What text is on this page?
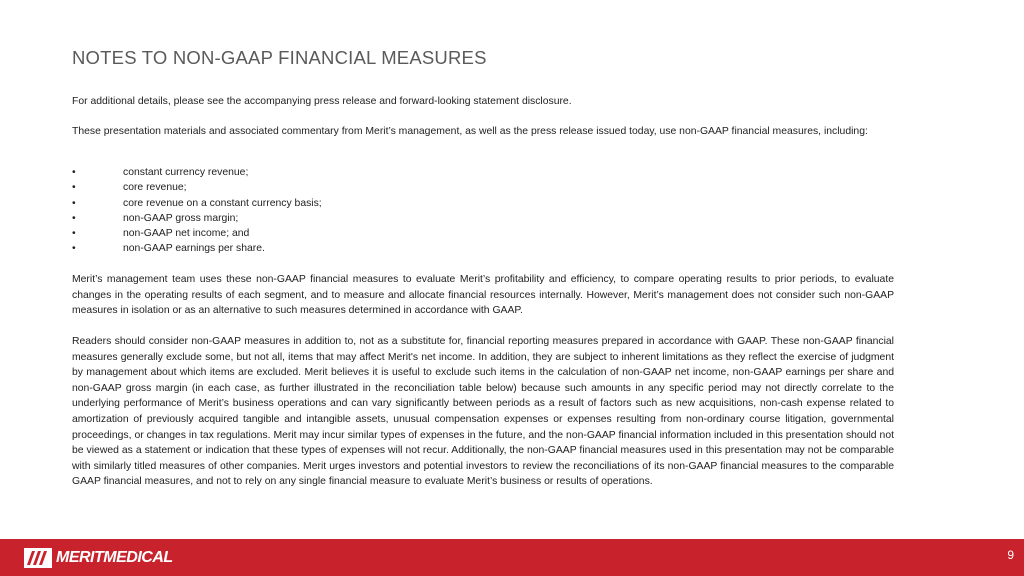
NOTES TO NON-GAAP FINANCIAL MEASURES

For additional details, please see the accompanying press release and forward-looking statement disclosure.

These presentation materials and associated commentary from Merit’s management, as well as the press release issued today, use non-GAAP financial measures, including:

•	constant currency revenue;
•	core revenue;
•	core revenue on a constant currency basis;
•	non-GAAP gross margin;
•	non-GAAP net income; and
•	non-GAAP earnings per share.

Merit’s management team uses these non-GAAP financial measures to evaluate Merit’s profitability and efficiency, to compare operating results to prior periods, to evaluate changes in the operating results of each segment, and to measure and allocate financial resources internally. However, Merit’s management does not consider such non-GAAP measures in isolation or as an alternative to such measures determined in accordance with GAAP.

Readers should consider non-GAAP measures in addition to, not as a substitute for, financial reporting measures prepared in accordance with GAAP. These non-GAAP financial measures generally exclude some, but not all, items that may affect Merit's net income. In addition, they are subject to inherent limitations as they reflect the exercise of judgment by management about which items are excluded. Merit believes it is useful to exclude such items in the calculation of non-GAAP net income, non-GAAP earnings per share and non-GAAP gross margin (in each case, as further illustrated in the reconciliation table below) because such amounts in any specific period may not directly correlate to the underlying performance of Merit’s business operations and can vary significantly between periods as a result of factors such as new acquisitions, non-cash expense related to amortization of previously acquired tangible and intangible assets, unusual compensation expenses or expenses resulting from non-ordinary course litigation, governmental proceedings, or changes in tax regulations. Merit may incur similar types of expenses in the future, and the non-GAAP financial information included in this presentation should not be viewed as a statement or indication that these types of expenses will not recur. Additionally, the non-GAAP financial measures used in this presentation may not be comparable with similarly titled measures of other companies. Merit urges investors and potential investors to review the reconciliations of its non-GAAP financial measures to the comparable GAAP financial measures, and not to rely on any single financial measure to evaluate Merit’s business or results of operations.

MERITMEDICAL	9
